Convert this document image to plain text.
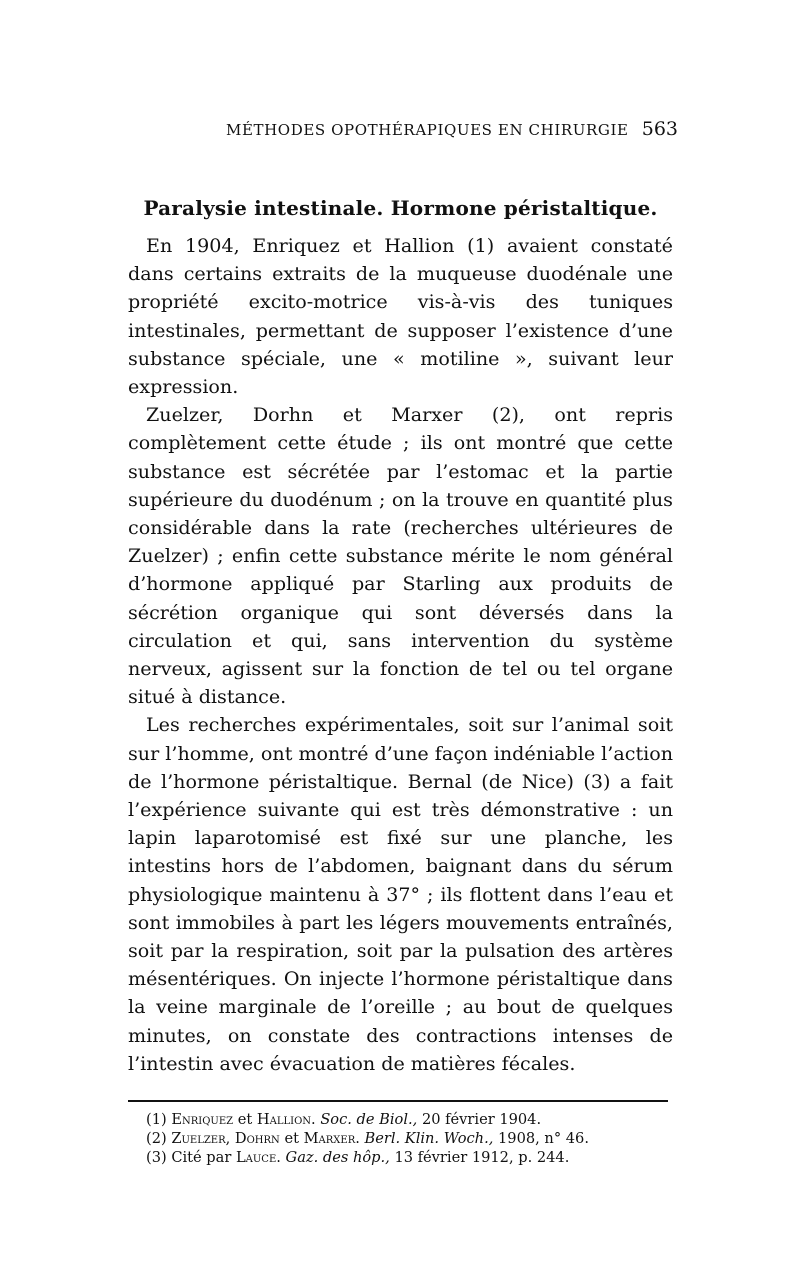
MÉTHODES OPOTHÉRAPIQUES EN CHIRURGIE 563
Paralysie intestinale. Hormone péristaltique.

En 1904, Enriquez et Hallion (1) avaient constaté dans certains extraits de la muqueuse duodénale une propriété excito-motrice vis-à-vis des tuniques intestinales, permettant de supposer l’existence d’une substance spéciale, une « motiline », suivant leur expression.

Zuelzer, Dorhn et Marxer (2), ont repris complètement cette étude ; ils ont montré que cette substance est sécrétée par l’estomac et la partie supérieure du duodénum ; on la trouve en quantité plus considérable dans la rate (recherches ultérieures de Zuelzer) ; enfin cette substance mérite le nom général d’hormone appliqué par Starling aux produits de sécrétion organique qui sont déversés dans la circulation et qui, sans intervention du système nerveux, agissent sur la fonction de tel ou tel organe situé à distance.

Les recherches expérimentales, soit sur l’animal soit sur l’homme, ont montré d’une façon indéniable l’action de l’hormone péristaltique. Bernal (de Nice) (3) a fait l’expérience suivante qui est très démonstrative : un lapin laparotomisé est fixé sur une planche, les intestins hors de l’abdomen, baignant dans du sérum physiologique maintenu à 37° ; ils flottent dans l’eau et sont immobiles à part les légers mouvements entraînés, soit par la respiration, soit par la pulsation des artères mésentériques. On injecte l’hormone péristaltique dans la veine marginale de l’oreille ; au bout de quelques minutes, on constate des contractions intenses de l’intestin avec évacuation de matières fécales.

(1) Enriquez et Hallion. Soc. de Biol., 20 février 1904.

(2) Zuelzer, Dohrn et Marxer. Berl. Klin. Woch., 1908, n° 46.

(3) Cité par Lauce. Gaz. des hôp., 13 février 1912, p. 244.
